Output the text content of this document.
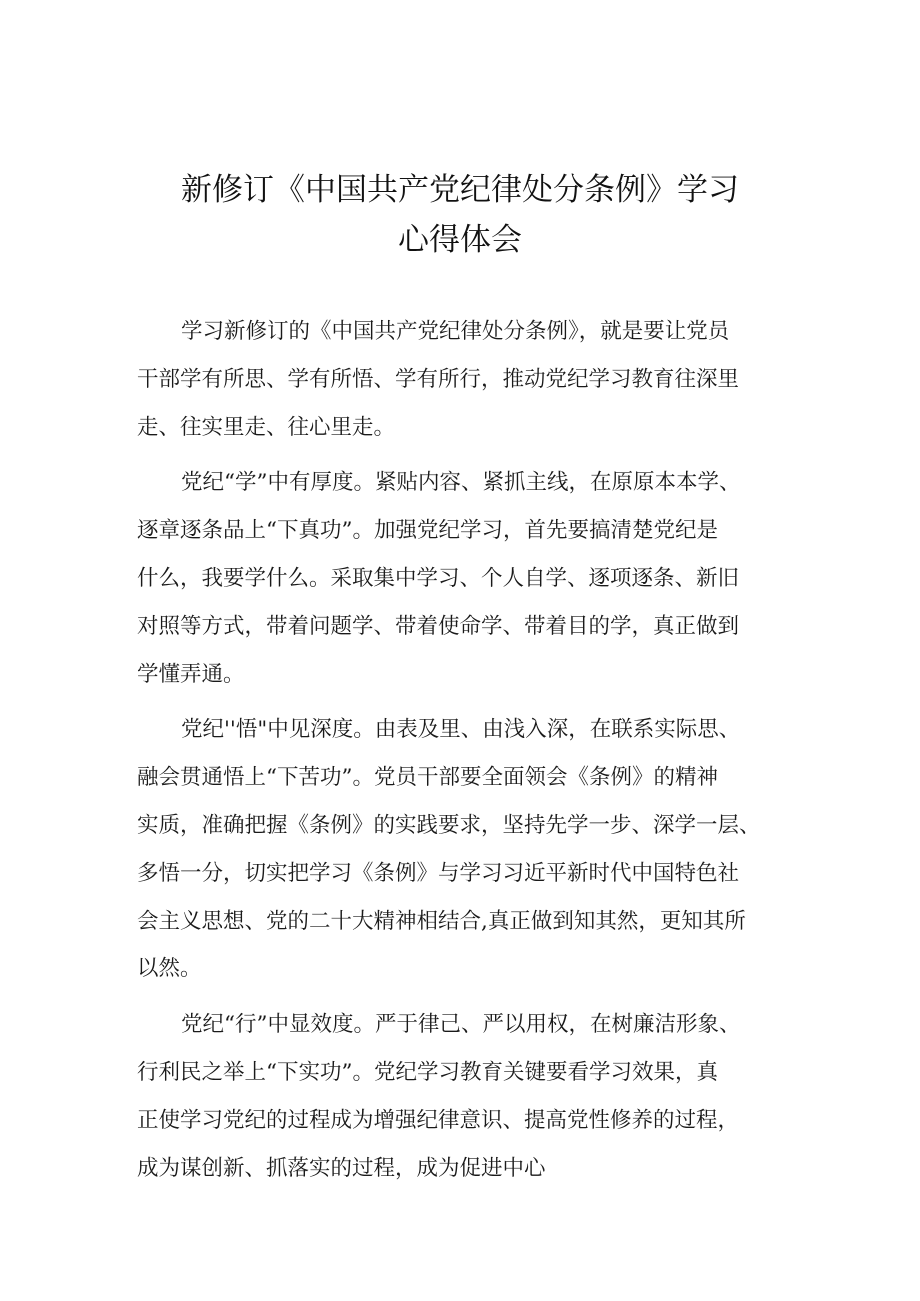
新修订《中国共产党纪律处分条例》学习
心得体会

学习新修订的《中国共产党纪律处分条例》，就是要让党员
干部学有所思、学有所悟、学有所行，推动党纪学习教育往深里
走、往实里走、往心里走。

党纪“学”中有厚度。紧贴内容、紧抓主线，在原原本本学、
逐章逐条品上“下真功”。加强党纪学习，首先要搞清楚党纪是
什么，我要学什么。采取集中学习、个人自学、逐项逐条、新旧
对照等方式，带着问题学、带着使命学、带着目的学，真正做到
学懂弄通。

党纪''悟"中见深度。由表及里、由浅入深，在联系实际思、
融会贯通悟上“下苦功”。党员干部要全面领会《条例》的精神
实质，准确把握《条例》的实践要求，坚持先学一步、深学一层、
多悟一分，切实把学习《条例》与学习习近平新时代中国特色社
会主义思想、党的二十大精神相结合,真正做到知其然，更知其所
以然。

党纪“行”中显效度。严于律己、严以用权，在树廉洁形象、
行利民之举上“下实功”。党纪学习教育关键要看学习效果，真
正使学习党纪的过程成为增强纪律意识、提高党性修养的过程，
成为谋创新、抓落实的过程，成为促进中心
